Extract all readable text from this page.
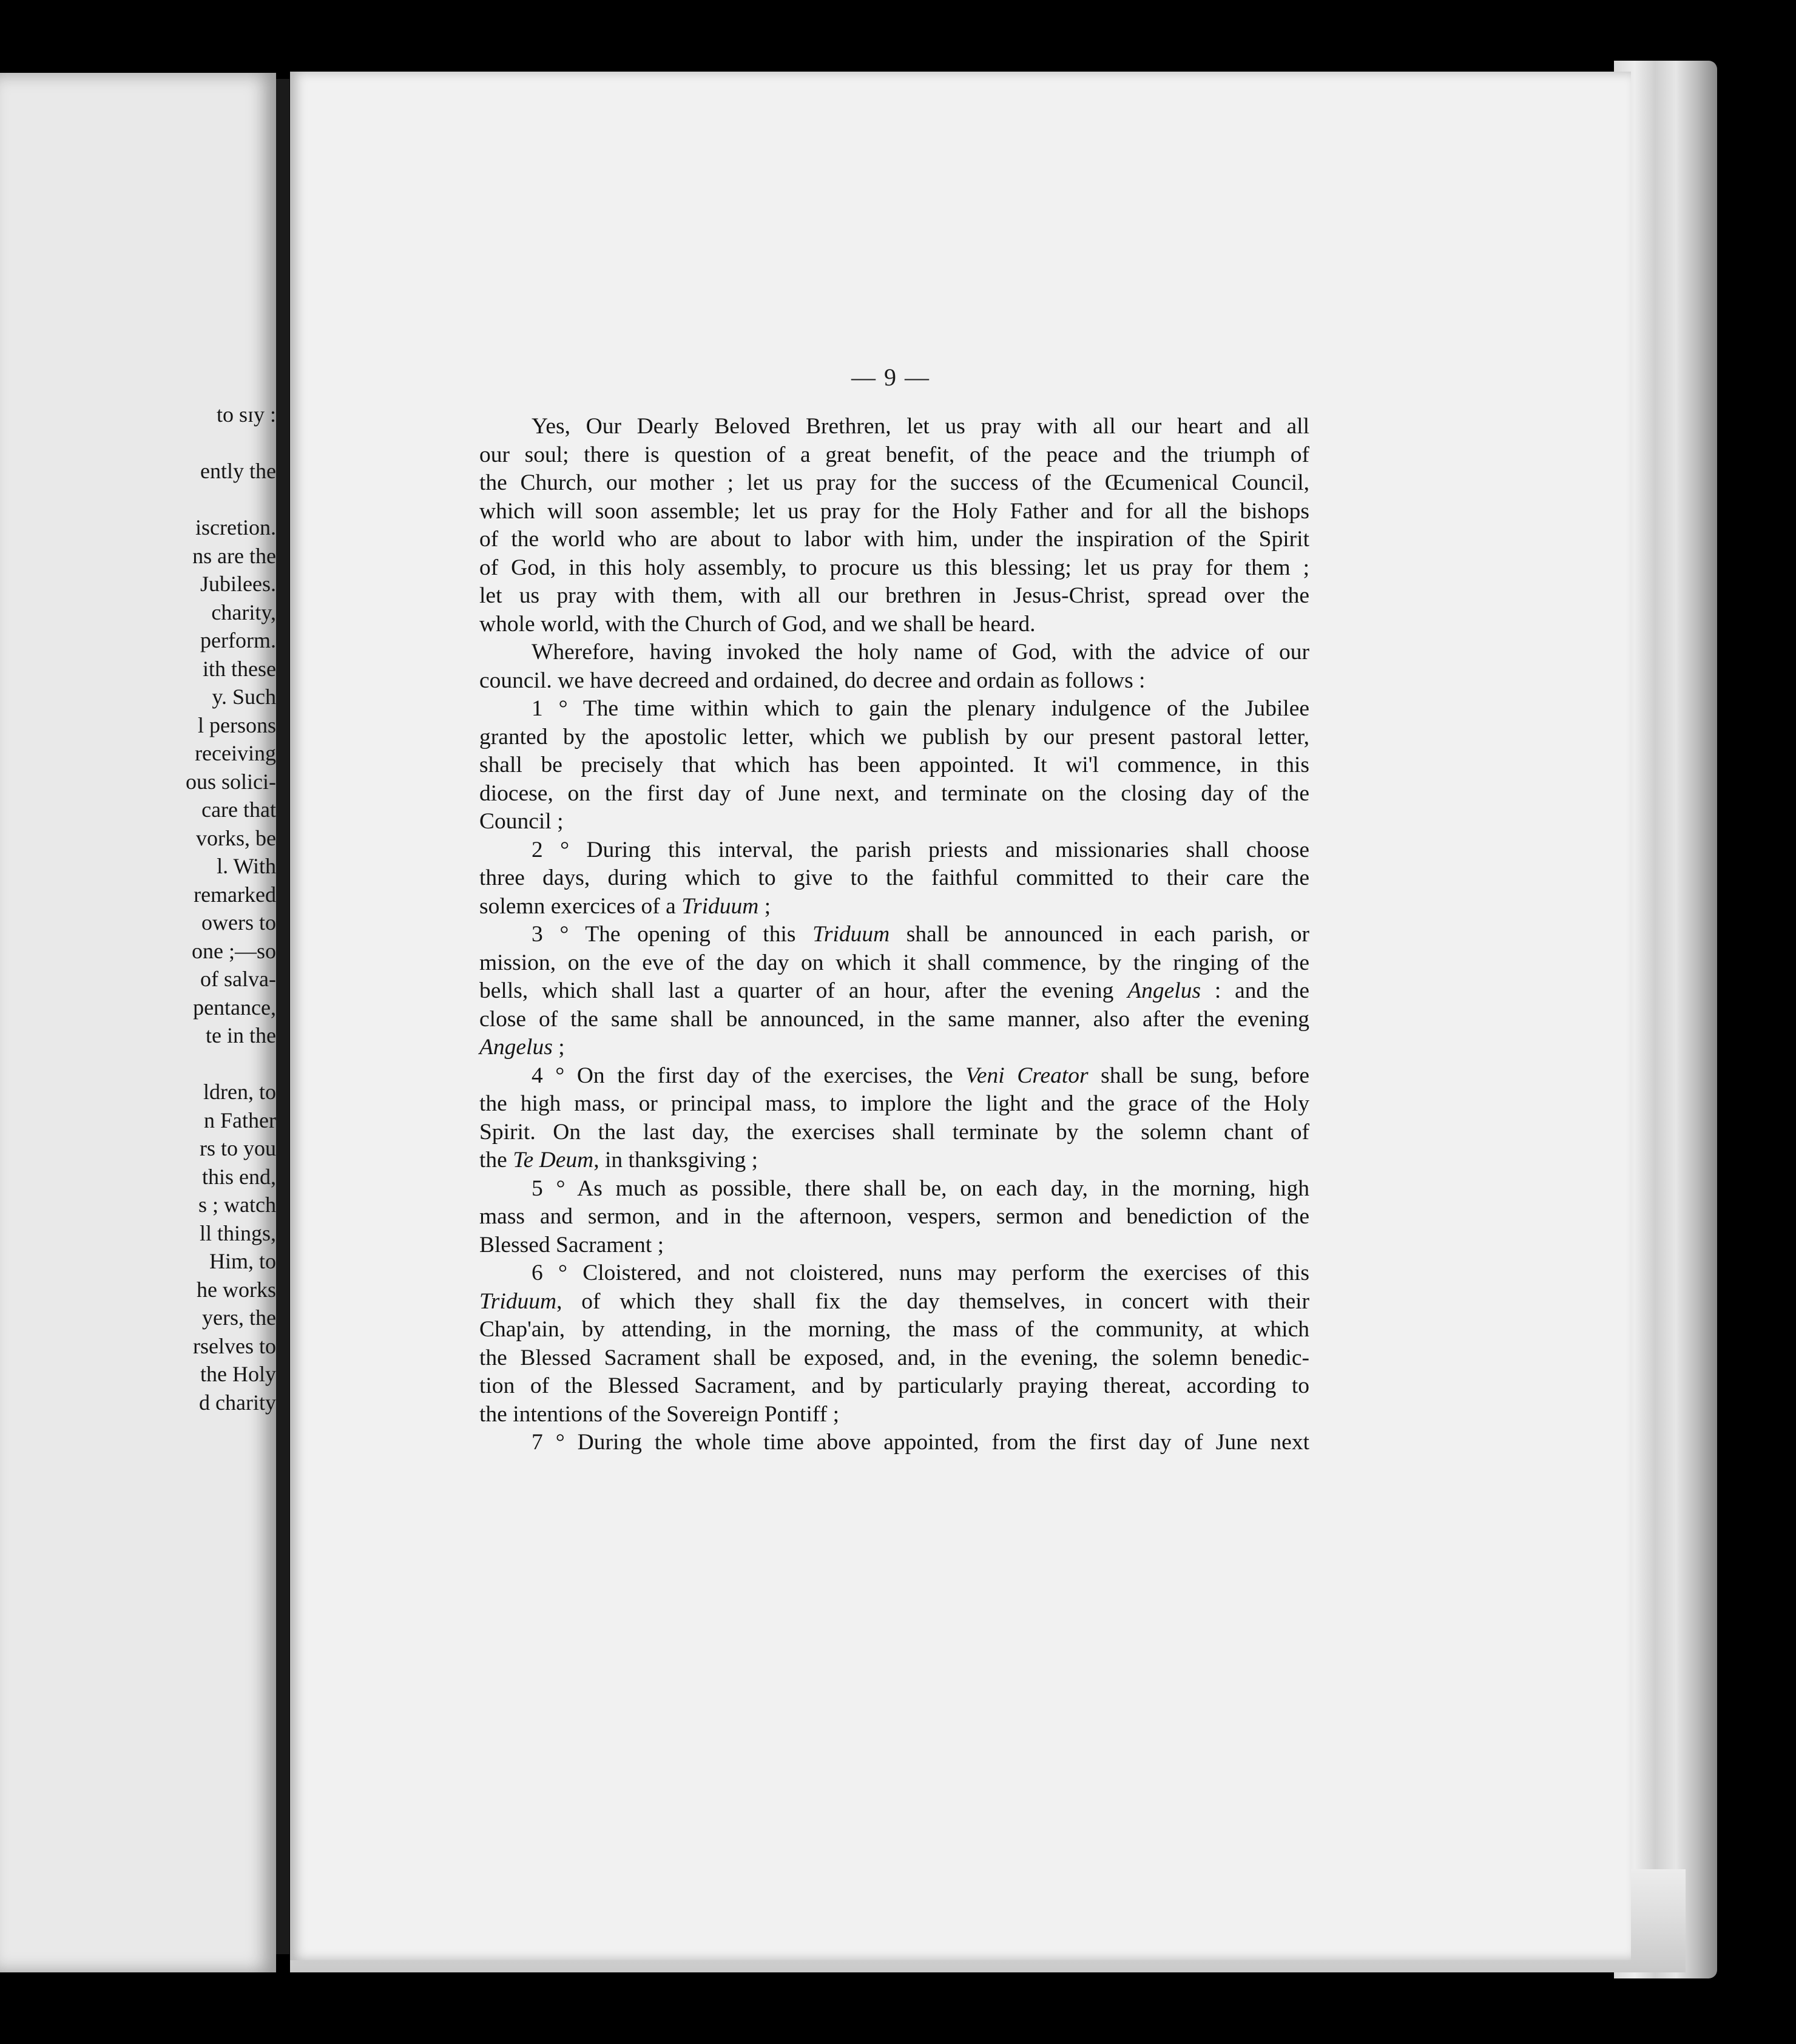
to sɪy :
ently the
iscretion.
ns are the
Jubilees.
charity,
perform.
ith these
y. Such
l persons
receiving
ous solici-
care that
vorks, be
l. With
remarked
owers to
one ;—so
of salva-
pentance,
te in the
ldren, to
n Father
rs to you
this end,
s ; watch
ll things,
Him, to
he works
yers, the
rselves to
the Holy
d charity
— 9 —
Yes, Our Dearly Beloved Brethren, let us pray with all our heart and all
our soul; there is question of a great benefit, of the peace and the triumph of
the Church, our mother ; let us pray for the success of the Œcumenical Council,
which will soon assemble; let us pray for the Holy Father and for all the bishops
of the world who are about to labor with him, under the inspiration of the Spirit
of God, in this holy assembly, to procure us this blessing; let us pray for them ;
let us pray with them, with all our brethren in Jesus-Christ, spread over the
whole world, with the Church of God, and we shall be heard.
Wherefore, having invoked the holy name of God, with the advice of our
council. we have decreed and ordained, do decree and ordain as follows :
1 ° The time within which to gain the plenary indulgence of the Jubilee
granted by the apostolic letter, which we publish by our present pastoral letter,
shall be precisely that which has been appointed. It wi'l commence, in this
diocese, on the first day of June next, and terminate on the closing day of the
Council ;
2 ° During this interval, the parish priests and missionaries shall choose
three days, during which to give to the faithful committed to their care the
solemn exercices of a Triduum ;
3 ° The opening of this Triduum shall be announced in each parish, or
mission, on the eve of the day on which it shall commence, by the ringing of the
bells, which shall last a quarter of an hour, after the evening Angelus : and the
close of the same shall be announced, in the same manner, also after the evening
Angelus ;
4 ° On the first day of the exercises, the Veni Creator shall be sung, before
the high mass, or principal mass, to implore the light and the grace of the Holy
Spirit. On the last day, the exercises shall terminate by the solemn chant of
the Te Deum, in thanksgiving ;
5 ° As much as possible, there shall be, on each day, in the morning, high
mass and sermon, and in the afternoon, vespers, sermon and benediction of the
Blessed Sacrament ;
6 ° Cloistered, and not cloistered, nuns may perform the exercises of this
Triduum, of which they shall fix the day themselves, in concert with their
Chap'ain, by attending, in the morning, the mass of the community, at which
the Blessed Sacrament shall be exposed, and, in the evening, the solemn benedic-
tion of the Blessed Sacrament, and by particularly praying thereat, according to
the intentions of the Sovereign Pontiff ;
7 ° During the whole time above appointed, from the first day of June next
